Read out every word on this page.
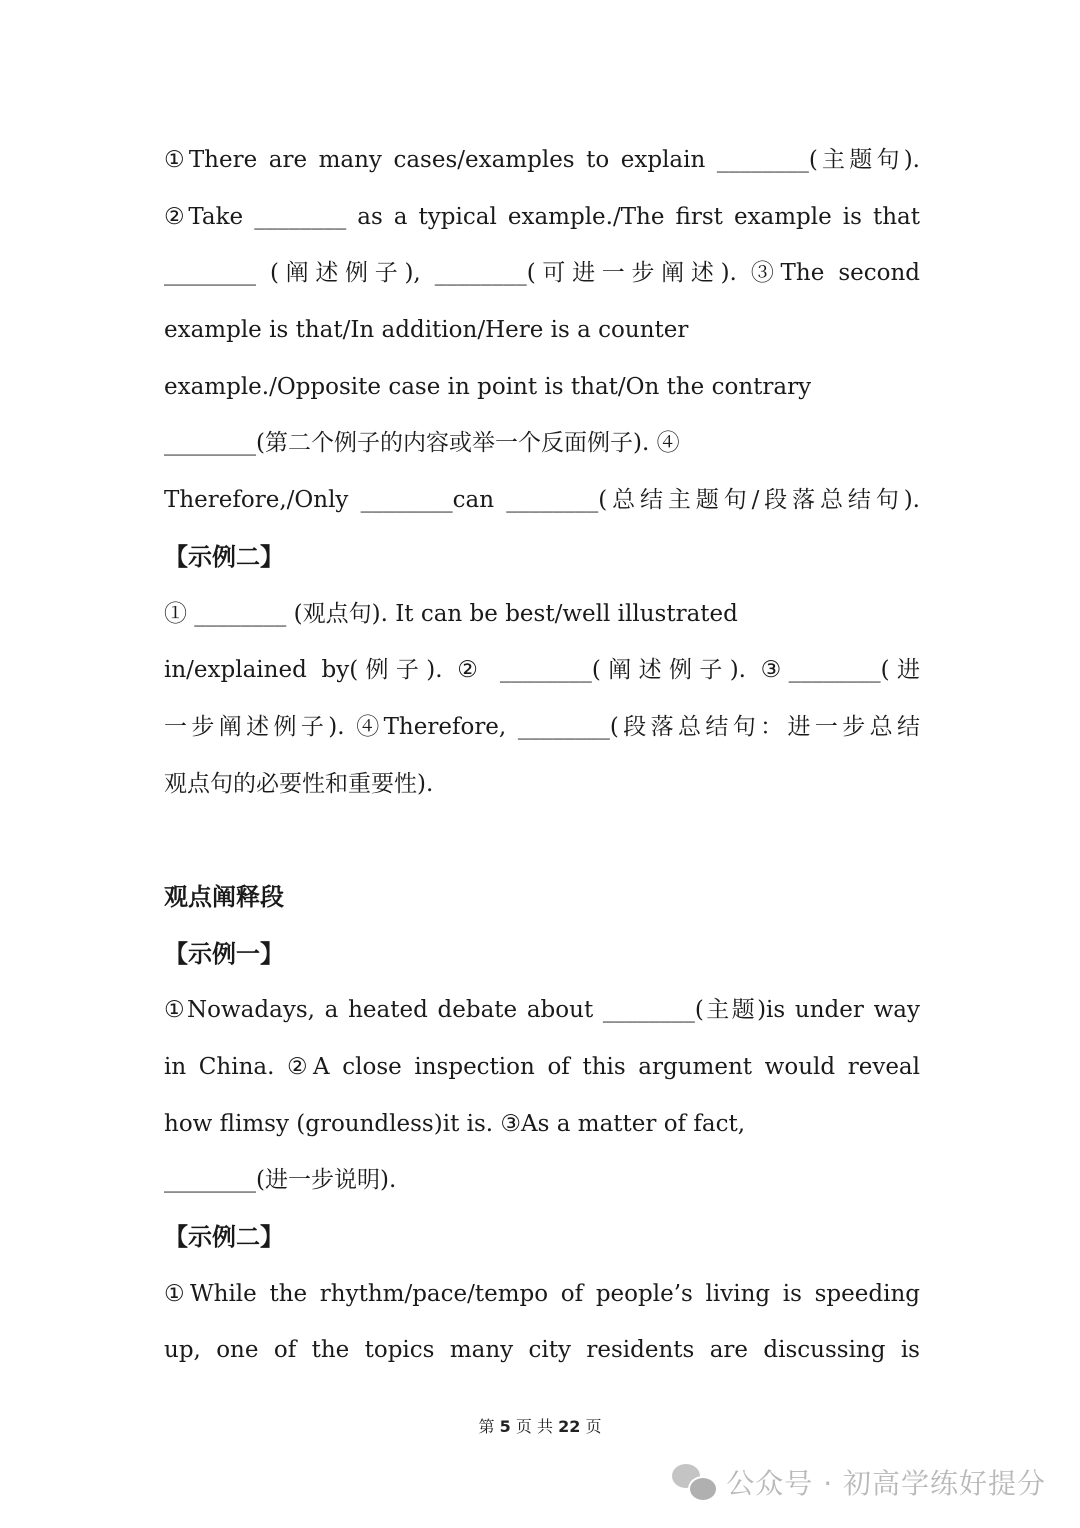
①There are many cases/examples to explain ________(主题句).
②Take ________ as a typical example./The first example is that
________ (阐述例子), ________(可进一步阐述). ③The second
example is that/In addition/Here is a counter
example./Opposite case in point is that/On the contrary
________(第二个例子的内容或举一个反面例子). ④
Therefore,/Only ________can ________(总结主题句/段落总结句).
【示例二】
① ________ (观点句). It can be best/well illustrated
in/explained by(例子). ② ________(阐述例子). ③________(进
一步阐述例子). ④Therefore, ________(段落总结句：进一步总结
观点句的必要性和重要性).
观点阐释段
【示例一】
①Nowadays, a heated debate about ________(主题)is under way
in China. ②A close inspection of this argument would reveal
how flimsy (groundless)it is. ③As a matter of fact,
________(进一步说明).
【示例二】
①While the rhythm/pace/tempo of people’s living is speeding
up, one of the topics many city residents are discussing is
第 5 页 共 22 页
公众号 · 初高学练好提分
